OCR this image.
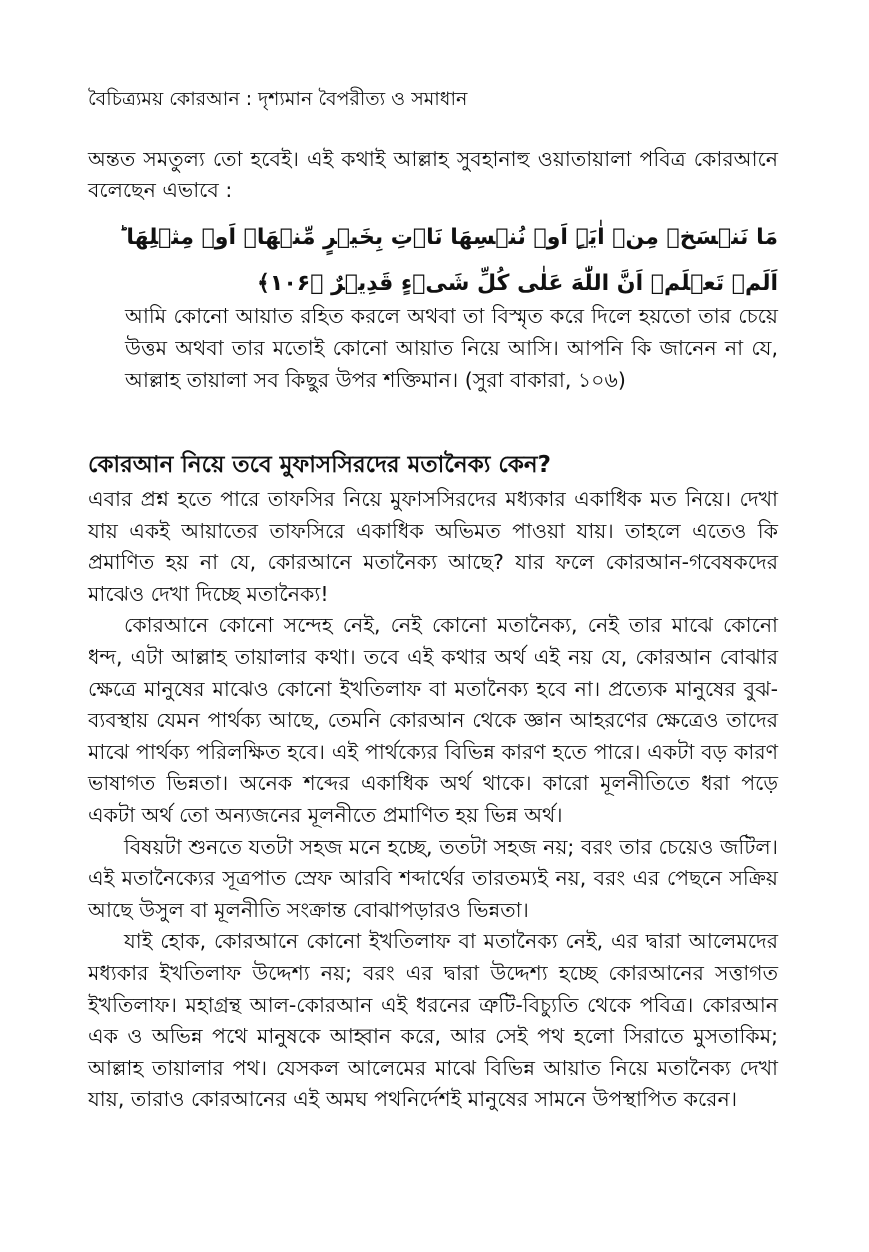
বৈচিত্র্যময় কোরআন : দৃশ্যমান বৈপরীত্য ও সমাধান
অন্তত সমতুল্য তো হবেই। এই কথাই আল্লাহ সুবহানাহু ওয়াতায়ালা পবিত্র কোরআনে বলেছেন এভাবে :
مَا نَنۡسَخۡ مِنۡ اٰیَۃٍ اَوۡ نُنۡسِهَا نَاۡتِ بِخَیۡرٍ مِّنۡهَاۤ اَوۡ مِثۡلِهَا ؕ اَلَمۡ تَعۡلَمۡ اَنَّ اللّٰهَ عَلٰی كُلِّ شَیۡءٍ قَدِیۡرٌ ﴿۱۰۶﴾
আমি কোনো আয়াত রহিত করলে অথবা তা বিস্মৃত করে দিলে হয়তো তার চেয়ে উত্তম অথবা তার মতোই কোনো আয়াত নিয়ে আসি। আপনি কি জানেন না যে, আল্লাহ তায়ালা সব কিছুর উপর শক্তিমান। (সুরা বাকারা, ১০৬)
কোরআন নিয়ে তবে মুফাসসিরদের মতানৈক্য কেন?

এবার প্রশ্ন হতে পারে তাফসির নিয়ে মুফাসসিরদের মধ্যকার একাধিক মত নিয়ে। দেখা যায় একই আয়াতের তাফসিরে একাধিক অভিমত পাওয়া যায়। তাহলে এতেও কি প্রমাণিত হয় না যে, কোরআনে মতানৈক্য আছে? যার ফলে কোরআন-গবেষকদের মাঝেও দেখা দিচ্ছে মতানৈক্য!

কোরআনে কোনো সন্দেহ নেই, নেই কোনো মতানৈক্য, নেই তার মাঝে কোনো ধন্দ, এটা আল্লাহ তায়ালার কথা। তবে এই কথার অর্থ এই নয় যে, কোরআন বোঝার ক্ষেত্রে মানুষের মাঝেও কোনো ইখতিলাফ বা মতানৈক্য হবে না। প্রত্যেক মানুষের বুঝ-ব্যবস্থায় যেমন পার্থক্য আছে, তেমনি কোরআন থেকে জ্ঞান আহরণের ক্ষেত্রেও তাদের মাঝে পার্থক্য পরিলক্ষিত হবে। এই পার্থক্যের বিভিন্ন কারণ হতে পারে। একটা বড় কারণ ভাষাগত ভিন্নতা। অনেক শব্দের একাধিক অর্থ থাকে। কারো মূলনীতিতে ধরা পড়ে একটা অর্থ তো অন্যজনের মূলনীতে প্রমাণিত হয় ভিন্ন অর্থ।

বিষয়টা শুনতে যতটা সহজ মনে হচ্ছে, ততটা সহজ নয়; বরং তার চেয়েও জটিল। এই মতানৈক্যের সূত্রপাত স্রেফ আরবি শব্দার্থের তারতম্যই নয়, বরং এর পেছনে সক্রিয় আছে উসুল বা মূলনীতি সংক্রান্ত বোঝাপড়ারও ভিন্নতা।

যাই হোক, কোরআনে কোনো ইখতিলাফ বা মতানৈক্য নেই, এর দ্বারা আলেমদের মধ্যকার ইখতিলাফ উদ্দেশ্য নয়; বরং এর দ্বারা উদ্দেশ্য হচ্ছে কোরআনের সত্তাগত ইখতিলাফ। মহাগ্রন্থ আল-কোরআন এই ধরনের ত্রুটি-বিচ্যুতি থেকে পবিত্র। কোরআন এক ও অভিন্ন পথে মানুষকে আহ্বান করে, আর সেই পথ হলো সিরাতে মুসতাকিম; আল্লাহ তায়ালার পথ। যেসকল আলেমের মাঝে বিভিন্ন আয়াত নিয়ে মতানৈক্য দেখা যায়, তারাও কোরআনের এই অমঘ পথনির্দেশই মানুষের সামনে উপস্থাপিত করেন।
